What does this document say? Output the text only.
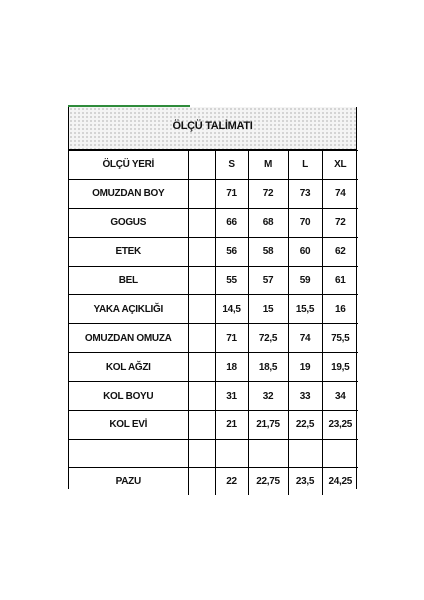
ÖLÇÜ TALİMATI
ÖLÇÜ YERİ		S	M	L	XL
OMUZDAN BOY		71	72	73	74
GOGUS		66	68	70	72
ETEK		56	58	60	62
BEL		55	57	59	61
YAKA AÇIKLIĞI		14,5	15	15,5	16
OMUZDAN OMUZA		71	72,5	74	75,5
KOL AĞZI		18	18,5	19	19,5
KOL BOYU		31	32	33	34
KOL EVİ		21	21,75	22,5	23,25

PAZU		22	22,75	23,5	24,25
